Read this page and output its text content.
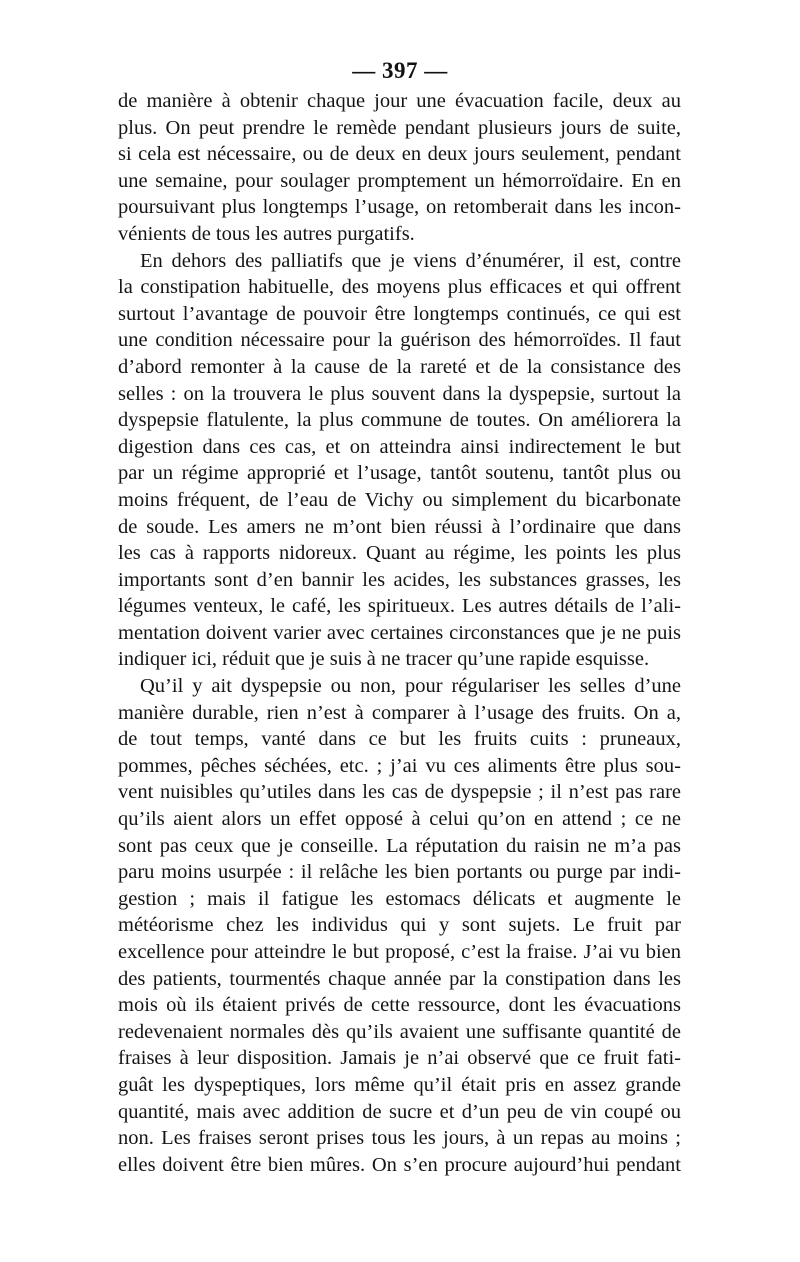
— 397 —
de manière à obtenir chaque jour une évacuation facile, deux au
plus. On peut prendre le remède pendant plusieurs jours de suite,
si cela est nécessaire, ou de deux en deux jours seulement, pendant
une semaine, pour soulager promptement un hémorroïdaire. En en
poursuivant plus longtemps l’usage, on retomberait dans les incon-
vénients de tous les autres purgatifs.
En dehors des palliatifs que je viens d’énumérer, il est, contre
la constipation habituelle, des moyens plus efficaces et qui offrent
surtout l’avantage de pouvoir être longtemps continués, ce qui est
une condition nécessaire pour la guérison des hémorroïdes. Il faut
d’abord remonter à la cause de la rareté et de la consistance des
selles : on la trouvera le plus souvent dans la dyspepsie, surtout la
dyspepsie flatulente, la plus commune de toutes. On améliorera la
digestion dans ces cas, et on atteindra ainsi indirectement le but
par un régime approprié et l’usage, tantôt soutenu, tantôt plus ou
moins fréquent, de l’eau de Vichy ou simplement du bicarbonate
de soude. Les amers ne m’ont bien réussi à l’ordinaire que dans
les cas à rapports nidoreux. Quant au régime, les points les plus
importants sont d’en bannir les acides, les substances grasses, les
légumes venteux, le café, les spiritueux. Les autres détails de l’ali-
mentation doivent varier avec certaines circonstances que je ne puis
indiquer ici, réduit que je suis à ne tracer qu’une rapide esquisse.
Qu’il y ait dyspepsie ou non, pour régulariser les selles d’une
manière durable, rien n’est à comparer à l’usage des fruits. On a,
de tout temps, vanté dans ce but les fruits cuits : pruneaux,
pommes, pêches séchées, etc. ; j’ai vu ces aliments être plus sou-
vent nuisibles qu’utiles dans les cas de dyspepsie ; il n’est pas rare
qu’ils aient alors un effet opposé à celui qu’on en attend ; ce ne
sont pas ceux que je conseille. La réputation du raisin ne m’a pas
paru moins usurpée : il relâche les bien portants ou purge par indi-
gestion ; mais il fatigue les estomacs délicats et augmente le
météorisme chez les individus qui y sont sujets. Le fruit par
excellence pour atteindre le but proposé, c’est la fraise. J’ai vu bien
des patients, tourmentés chaque année par la constipation dans les
mois où ils étaient privés de cette ressource, dont les évacuations
redevenaient normales dès qu’ils avaient une suffisante quantité de
fraises à leur disposition. Jamais je n’ai observé que ce fruit fati-
guât les dyspeptiques, lors même qu’il était pris en assez grande
quantité, mais avec addition de sucre et d’un peu de vin coupé ou
non. Les fraises seront prises tous les jours, à un repas au moins ;
elles doivent être bien mûres. On s’en procure aujourd’hui pendant
